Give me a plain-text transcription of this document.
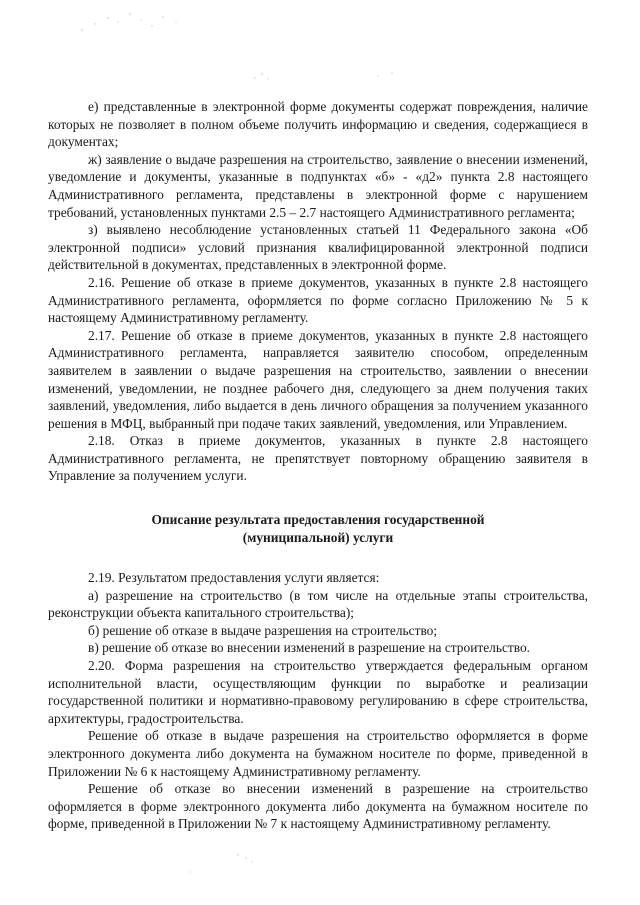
е) представленные в электронной форме документы содержат повреждения, наличие которых не позволяет в полном объеме получить информацию и сведения, содержащиеся в документах;

ж) заявление о выдаче разрешения на строительство, заявление о внесении изменений, уведомление и документы, указанные в подпунктах «б» - «д2» пункта 2.8 настоящего Административного регламента, представлены в электронной форме с нарушением требований, установленных пунктами 2.5 – 2.7 настоящего Административного регламента;

з) выявлено несоблюдение установленных статьей 11 Федерального закона «Об электронной подписи» условий признания квалифицированной электронной подписи действительной в документах, представленных в электронной форме.

2.16. Решение об отказе в приеме документов, указанных в пункте 2.8 настоящего Административного регламента, оформляется по форме согласно Приложению № 5 к настоящему Административному регламенту.

2.17. Решение об отказе в приеме документов, указанных в пункте 2.8 настоящего Административного регламента, направляется заявителю способом, определенным заявителем в заявлении о выдаче разрешения на строительство, заявлении о внесении изменений, уведомлении, не позднее рабочего дня, следующего за днем получения таких заявлений, уведомления, либо выдается в день личного обращения за получением указанного решения в МФЦ, выбранный при подаче таких заявлений, уведомления, или Управлением.

2.18. Отказ в приеме документов, указанных в пункте 2.8 настоящего Административного регламента, не препятствует повторному обращению заявителя в Управление за получением услуги.

Описание результата предоставления государственной
(муниципальной) услуги

2.19. Результатом предоставления услуги является:

а) разрешение на строительство (в том числе на отдельные этапы строительства, реконструкции объекта капитального строительства);

б) решение об отказе в выдаче разрешения на строительство;

в) решение об отказе во внесении изменений в разрешение на строительство.

2.20. Форма разрешения на строительство утверждается федеральным органом исполнительной власти, осуществляющим функции по выработке и реализации государственной политики и нормативно-правовому регулированию в сфере строительства, архитектуры, градостроительства.

Решение об отказе в выдаче разрешения на строительство оформляется в форме электронного документа либо документа на бумажном носителе по форме, приведенной в Приложении № 6 к настоящему Административному регламенту.

Решение об отказе во внесении изменений в разрешение на строительство оформляется в форме электронного документа либо документа на бумажном носителе по форме, приведенной в Приложении № 7 к настоящему Административному регламенту.
